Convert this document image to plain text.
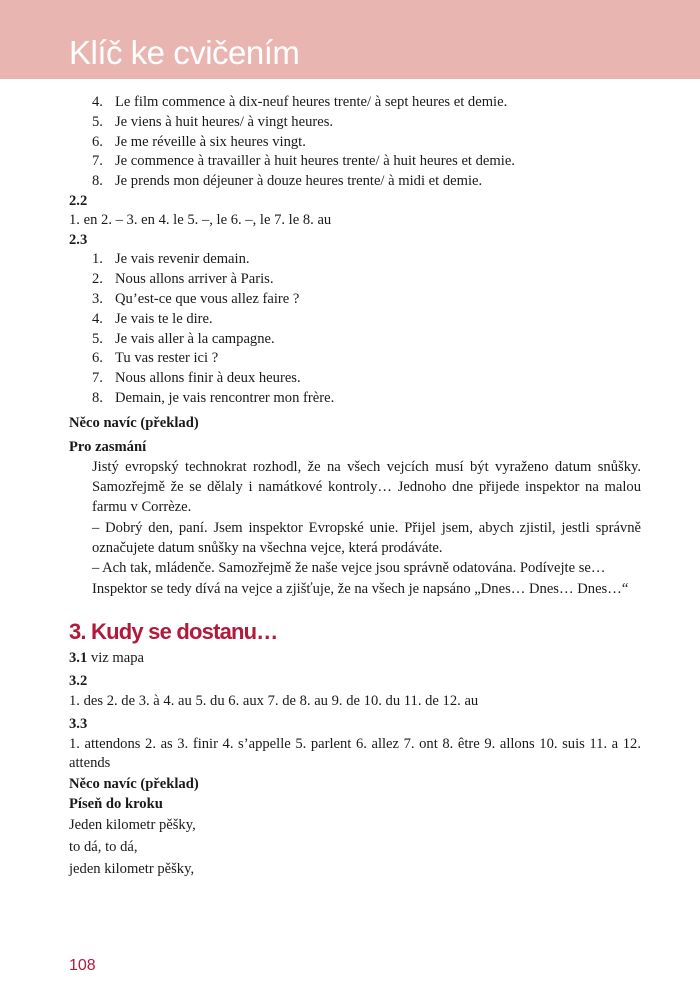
Klíč ke cvičením
4. Le film commence à dix-neuf heures trente/ à sept heures et demie.
5. Je viens à huit heures/ à vingt heures.
6. Je me réveille à six heures vingt.
7. Je commence à travailler à huit heures trente/ à huit heures et demie.
8. Je prends mon déjeuner à douze heures trente/ à midi et demie.
2.2
1. en 2. – 3. en 4. le 5. –, le 6. –, le 7. le 8. au
2.3
1. Je vais revenir demain.
2. Nous allons arriver à Paris.
3. Qu’est-ce que vous allez faire ?
4. Je vais te le dire.
5. Je vais aller à la campagne.
6. Tu vas rester ici ?
7. Nous allons finir à deux heures.
8. Demain, je vais rencontrer mon frère.
Něco navíc (překlad)
Pro zasmání

Jistý evropský technokrat rozhodl, že na všech vejcích musí být vyraženo datum snůšky. Samozřejmě že se dělaly i namátkové kontroly… Jednoho dne přijede inspektor na malou farmu v Corrèze.

– Dobrý den, paní. Jsem inspektor Evropské unie. Přijel jsem, abych zjistil, jestli správně označujete datum snůšky na všechna vejce, která prodáváte.

– Ach tak, mládenče. Samozřejmě že naše vejce jsou správně odatována. Podívejte se…

Inspektor se tedy dívá na vejce a zjišťuje, že na všech je napsáno „Dnes… Dnes… Dnes…“

3. Kudy se dostanu…
3.1 viz mapa
3.2
1. des 2. de 3. à 4. au 5. du 6. aux 7. de 8. au 9. de 10. du 11. de 12. au
3.3
1. attendons 2. as 3. finir 4. s’appelle 5. parlent 6. allez 7. ont 8. être 9. allons 10. suis 11. a 12. attends
Něco navíc (překlad)
Píseň do kroku
Jeden kilometr pěšky,
to dá, to dá,
jeden kilometr pěšky,
108
